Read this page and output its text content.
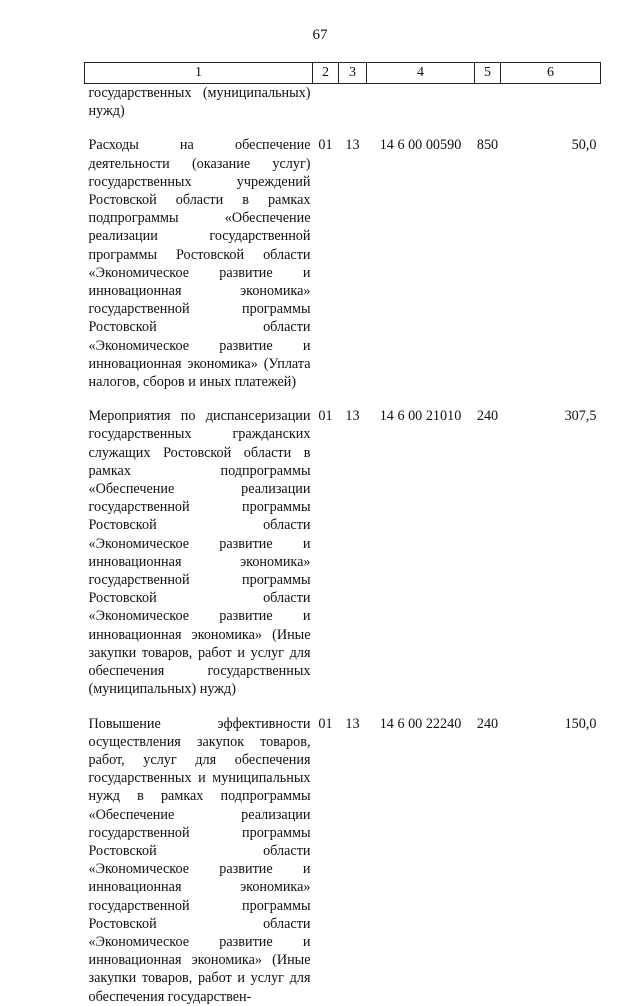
67
1	2	3	4	5	6
государственных (муниципальных) нужд)					

Расходы на обеспечение деятельности (оказание услуг) государственных учреждений Ростовской области в рамках подпрограммы «Обеспечение реализации государственной программы Ростовской области «Экономическое развитие и инновационная экономика» государственной программы Ростовской области «Экономическое развитие и инновационная экономика» (Уплата налогов, сборов и иных платежей)	01	13	14 6 00 00590	850	50,0

Мероприятия по диспансеризации государственных гражданских служащих Ростовской области в рамках подпрограммы «Обеспечение реализации государственной программы Ростовской области «Экономическое развитие и инновационная экономика» государственной программы Ростовской области «Экономическое развитие и инновационная экономика» (Иные закупки товаров, работ и услуг для обеспечения государственных (муниципальных) нужд)	01	13	14 6 00 21010	240	307,5

Повышение эффективности осуществления закупок товаров, работ, услуг для обеспечения государственных и муниципальных нужд в рамках подпрограммы «Обеспечение реализации государственной программы Ростовской области «Экономическое развитие и инновационная экономика» государственной программы Ростовской области «Экономическое развитие и инновационная экономика» (Иные закупки товаров, работ и услуг для обеспечения государствен-	01	13	14 6 00 22240	240	150,0
